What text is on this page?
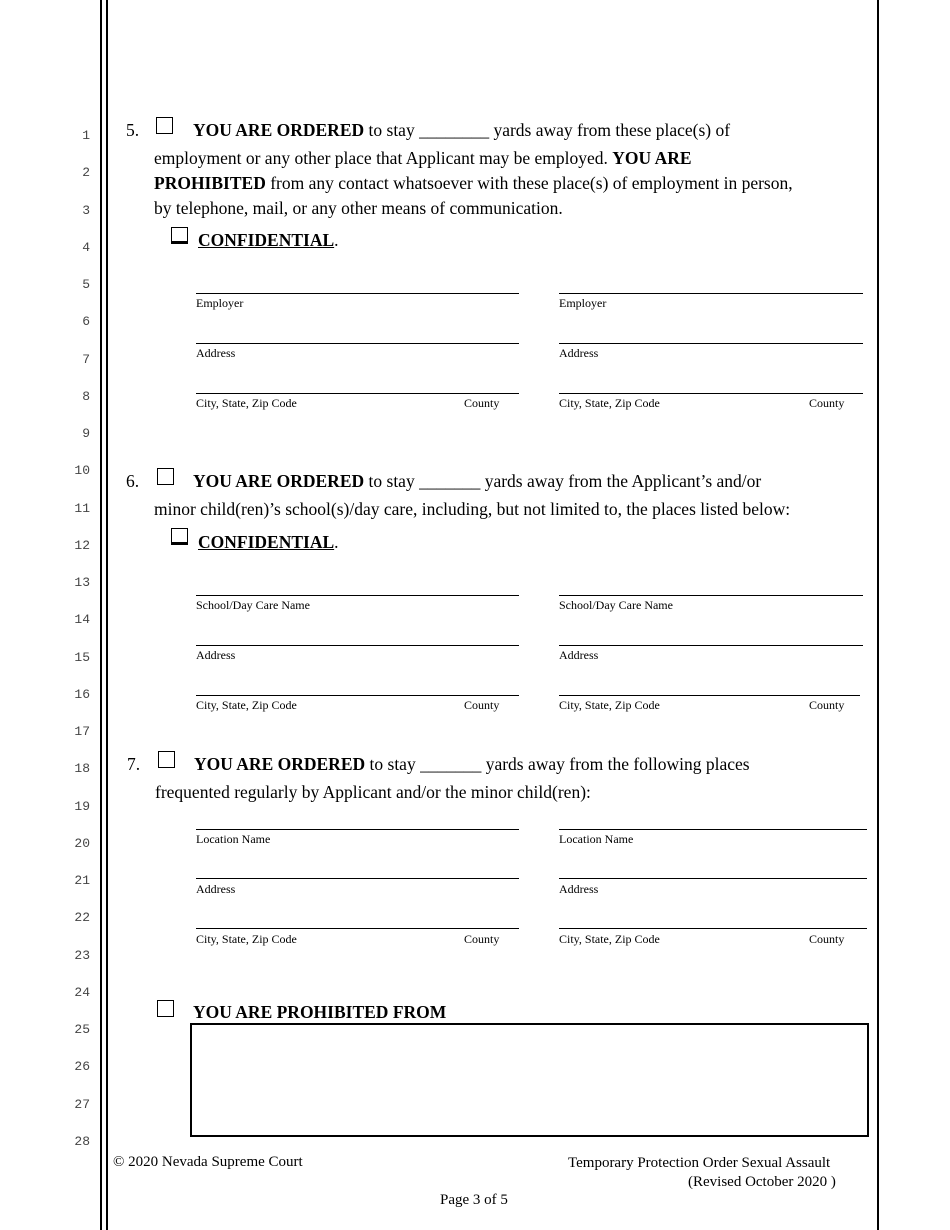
1
2
3
4
5
6
7
8
9
10
11
12
13
14
15
16
17
18
19
20
21
22
23
24
25
26
27
28
5.	YOU ARE ORDERED to stay ________ yards away from these place(s) of
employment or any other place that Applicant may be employed. YOU ARE
PROHIBITED from any contact whatsoever with these place(s) of employment in person,
by telephone, mail, or any other means of communication.
CONFIDENTIAL.
Employer
Address
City, State, Zip Code	County
Employer
Address
City, State, Zip Code	County
6.	YOU ARE ORDERED to stay _______ yards away from the Applicant’s and/or
minor child(ren)’s school(s)/day care, including, but not limited to, the places listed below:
CONFIDENTIAL.
School/Day Care Name
Address
City, State, Zip Code	County
School/Day Care Name
Address
City, State, Zip Code	County
7.	YOU ARE ORDERED to stay _______ yards away from the following places
frequented regularly by Applicant and/or the minor child(ren):
Location Name
Address
City, State, Zip Code	County
Location Name
Address
City, State, Zip Code	County
YOU ARE PROHIBITED FROM
© 2020 Nevada Supreme Court	Temporary Protection Order Sexual Assault
(Revised October 2020 )
Page 3 of 5
